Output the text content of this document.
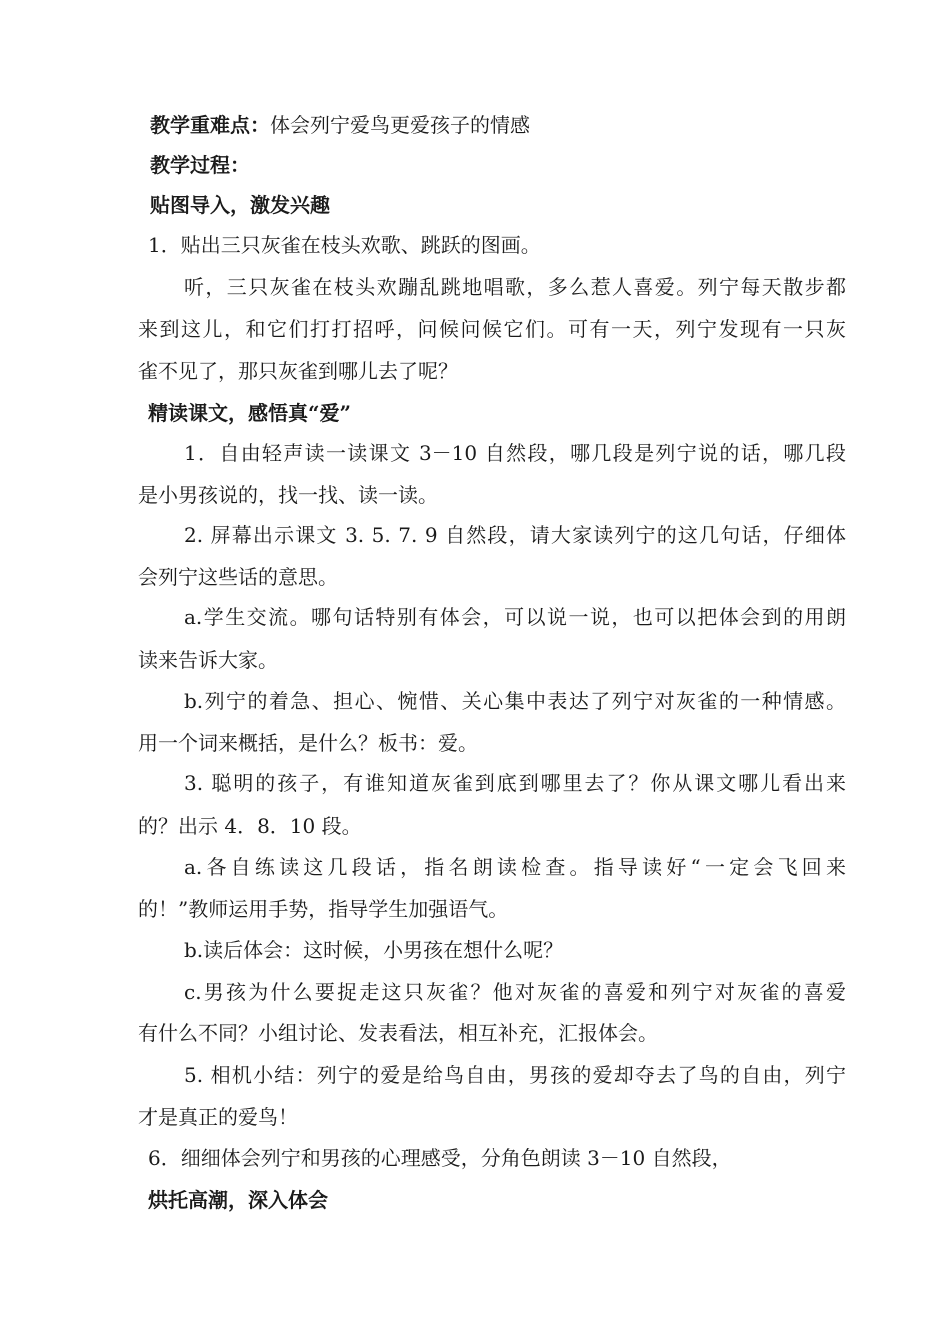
教学重难点：体会列宁爱鸟更爱孩子的情感
教学过程：
贴图导入，激发兴趣
1．贴出三只灰雀在枝头欢歌、跳跃的图画。
听，三只灰雀在枝头欢蹦乱跳地唱歌，多么惹人喜爱。列宁每天散步都
来到这儿，和它们打打招呼，问候问候它们。可有一天，列宁发现有一只灰
雀不见了，那只灰雀到哪儿去了呢？
精读课文，感悟真“爱”
1．自由轻声读一读课文 3－10 自然段，哪几段是列宁说的话，哪几段
是小男孩说的，找一找、读一读。
2. 屏幕出示课文 3. 5. 7. 9 自然段，请大家读列宁的这几句话，仔细体
会列宁这些话的意思。
a.学生交流。哪句话特别有体会，可以说一说，也可以把体会到的用朗
读来告诉大家。
b.列宁的着急、担心、惋惜、关心集中表达了列宁对灰雀的一种情感。
用一个词来概括，是什么？板书：爱。
3. 聪明的孩子，有谁知道灰雀到底到哪里去了？你从课文哪儿看出来
的？出示 4．8．10 段。
a.各自练读这几段话，指名朗读检查。指导读好“一定会飞回来
的！”教师运用手势，指导学生加强语气。
b.读后体会：这时候，小男孩在想什么呢？
c.男孩为什么要捉走这只灰雀？他对灰雀的喜爱和列宁对灰雀的喜爱
有什么不同？小组讨论、发表看法，相互补充，汇报体会。
5. 相机小结：列宁的爱是给鸟自由，男孩的爱却夺去了鸟的自由，列宁
才是真正的爱鸟！
6．细细体会列宁和男孩的心理感受，分角色朗读 3－10 自然段，
烘托高潮，深入体会
